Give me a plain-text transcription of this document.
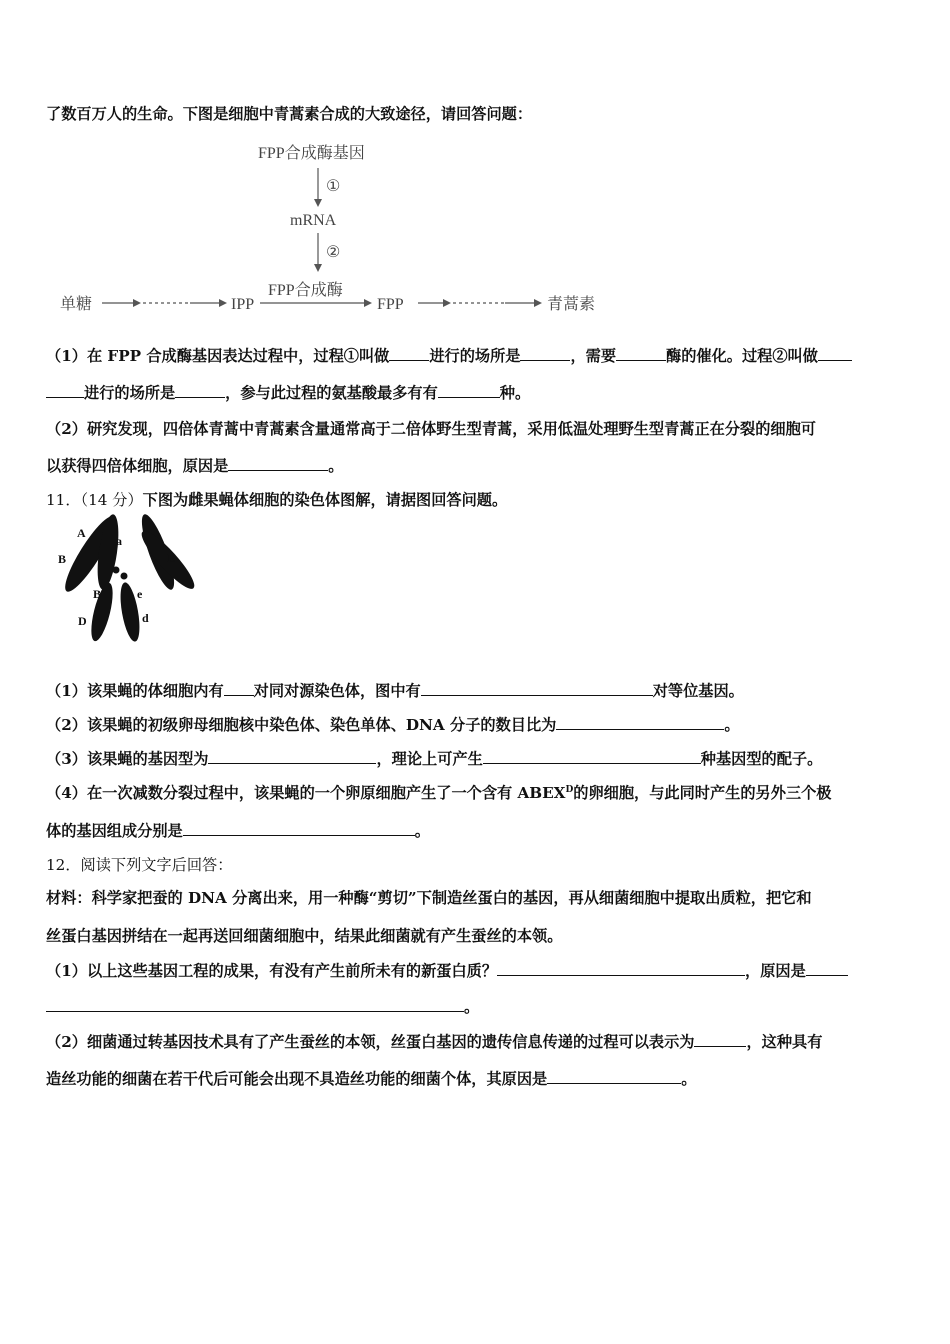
了数百万人的生命。下图是细胞中青蒿素合成的大致途径，请回答问题：
FPP合成酶基因
①
mRNA
②
FPP合成酶
单糖	IPP	FPP	青蒿素
（1）在 FPP 合成酶基因表达过程中，过程①叫做	进行的场所是	，需要	酶的催化。过程②叫做
进行的场所是	，参与此过程的氨基酸最多有有	种。
（2）研究发现，四倍体青蒿中青蒿素含量通常高于二倍体野生型青蒿，采用低温处理野生型青蒿正在分裂的细胞可
以获得四倍体细胞，原因是	。
11．（14 分）下图为雌果蝇体细胞的染色体图解，请据图回答问题。
A
a
B	E
B	e
D	d
（1）该果蝇的体细胞内有 对同对源染色体，图中有	对等位基因。
（2）该果蝇的初级卵母细胞核中染色体、染色单体、DNA 分子的数目比为	。
（3）该果蝇的基因型为	，理论上可产生	种基因型的配子。
（4）在一次减数分裂过程中，该果蝇的一个卵原细胞产生了一个含有 $ABEX^D$的卵细胞，与此同时产生的另外三个极
体的基因组成分别是	。
12．阅读下列文字后回答：
材料：科学家把蚕的 DNA 分离出来，用一种酶“剪切”下制造丝蛋白的基因，再从细菌细胞中提取出质粒，把它和
丝蛋白基因拼结在一起再送回细菌细胞中，结果此细菌就有产生蚕丝的本领。
（1）以上这些基因工程的成果，有没有产生前所未有的新蛋白质？	，原因是
。
（2）细菌通过转基因技术具有了产生蚕丝的本领，丝蛋白基因的遗传信息传递的过程可以表示为	，这种具有
造丝功能的细菌在若干代后可能会出现不具造丝功能的细菌个体，其原因是	。
